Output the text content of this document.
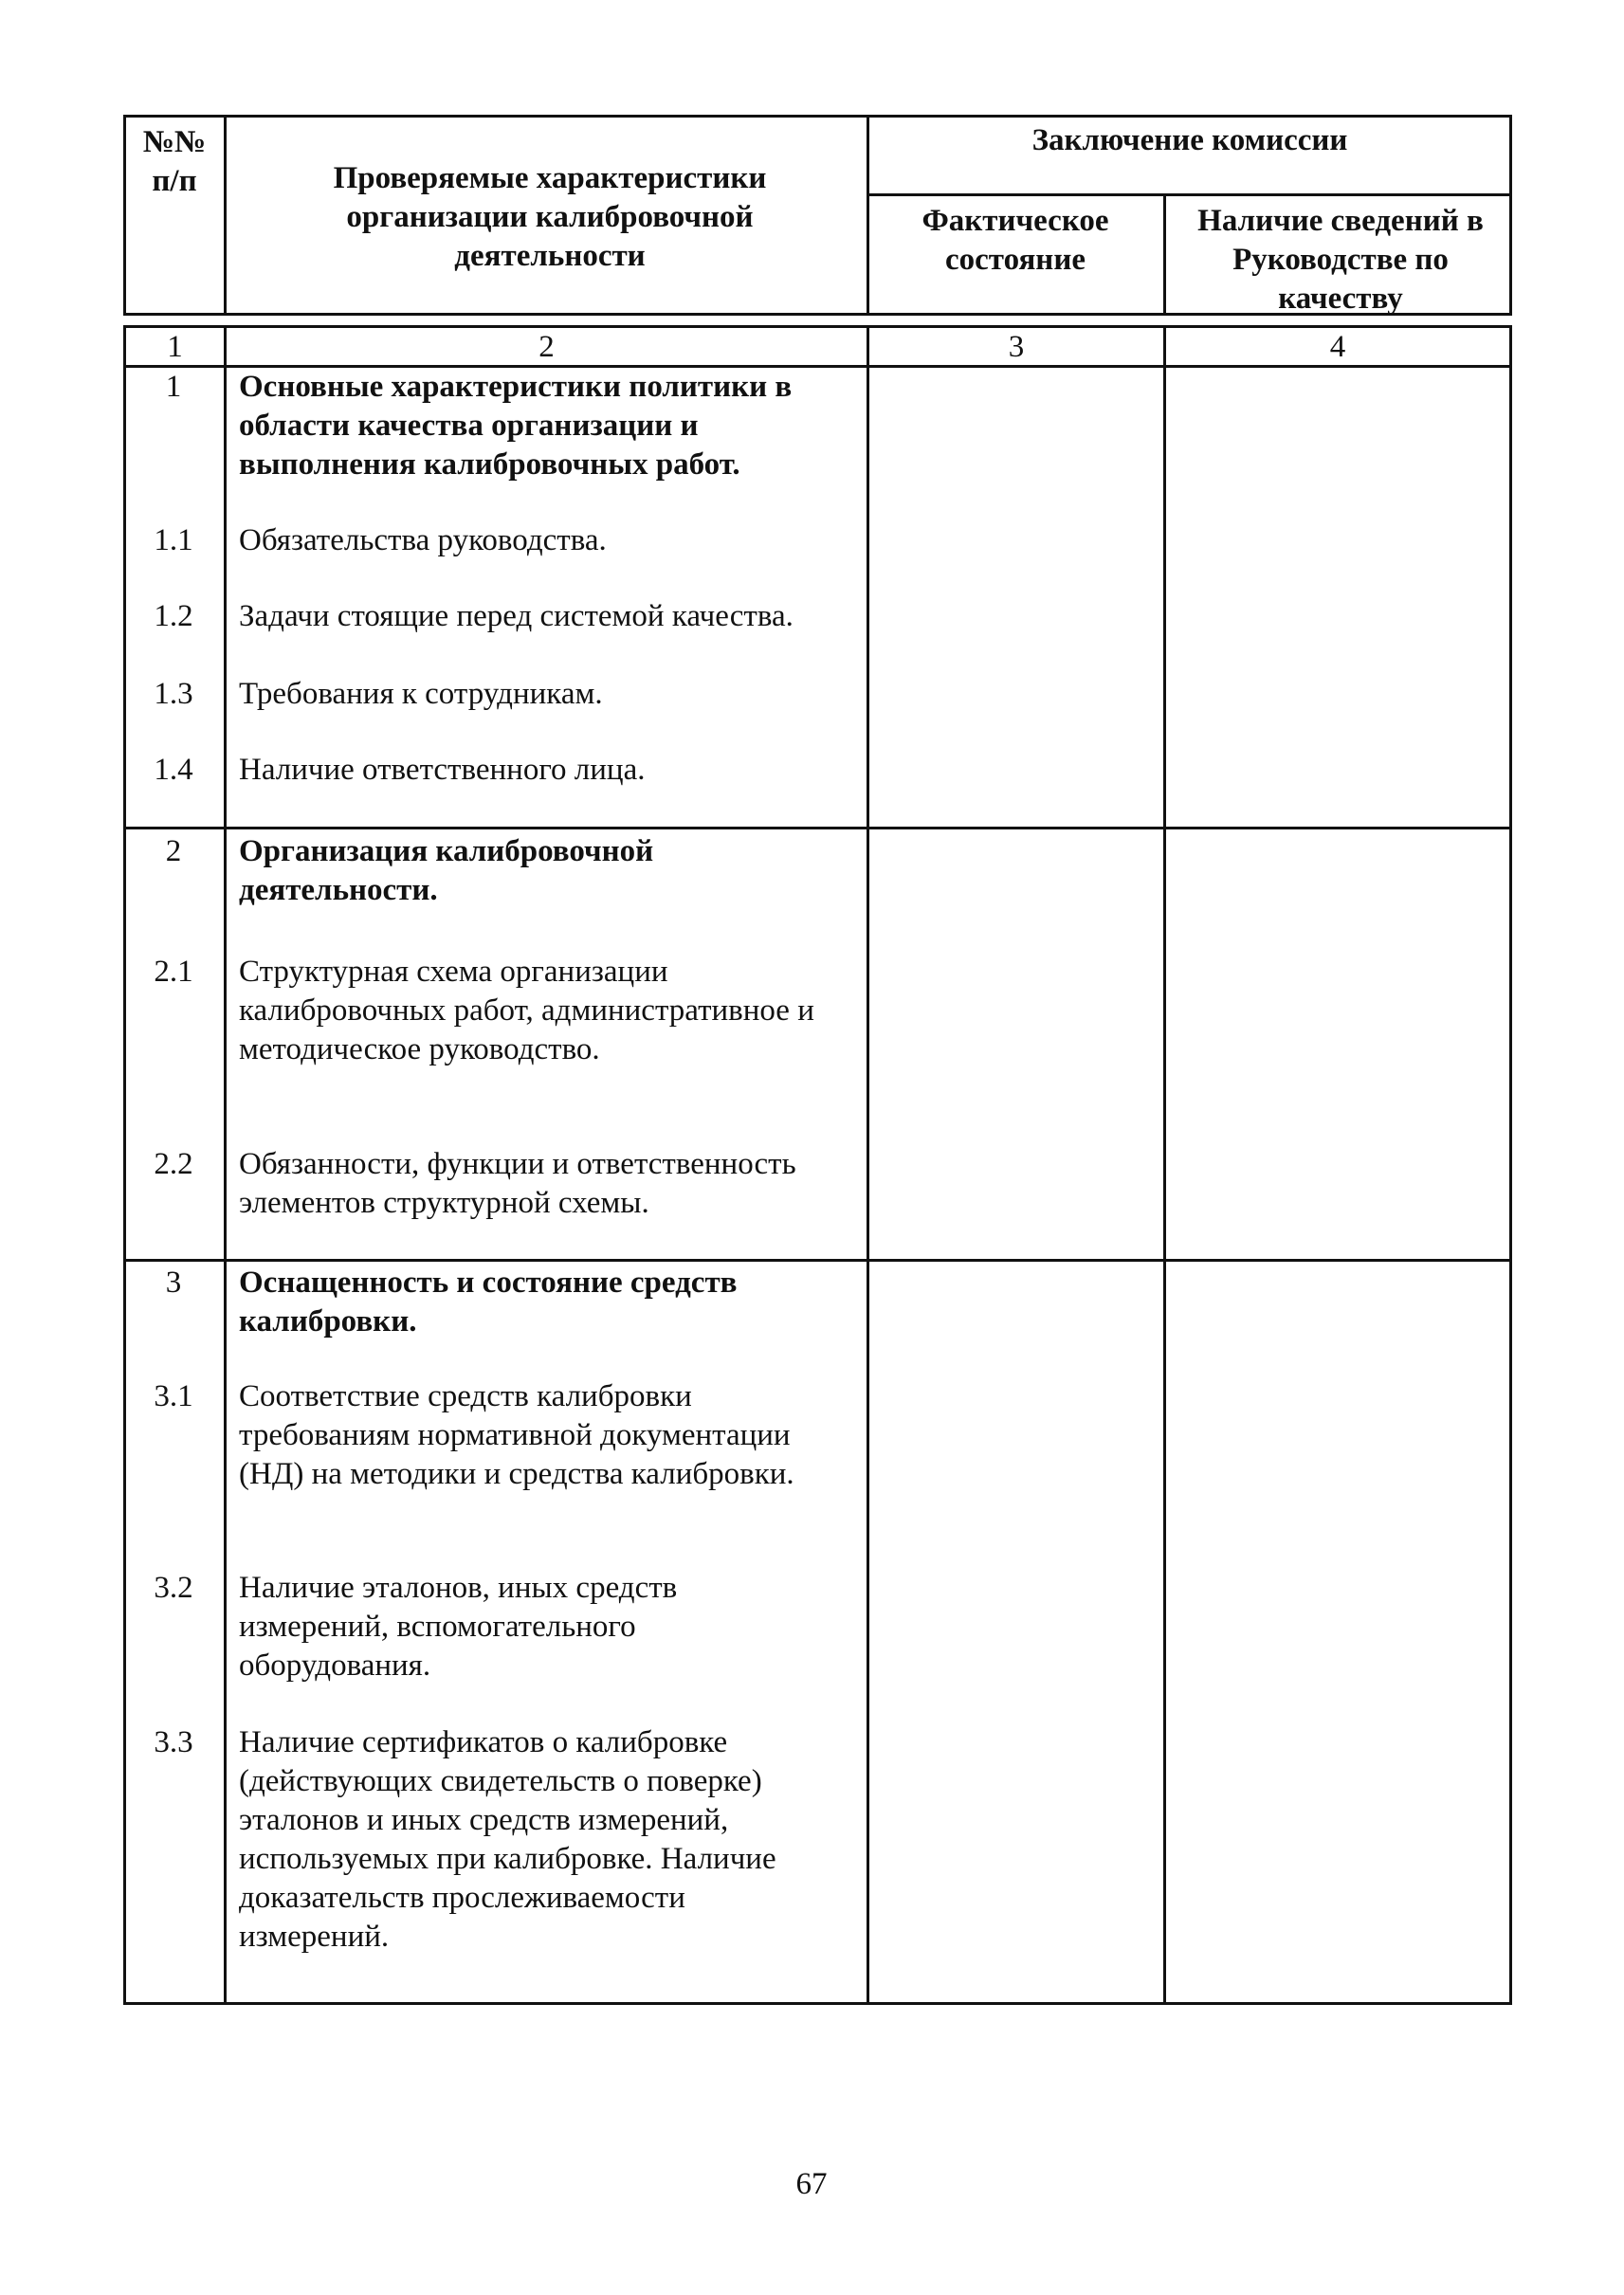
№№ п/п	Проверяемые характеристики организации калибровочной деятельности
Заключение комиссии
Фактическое состояние
Наличие сведений в Руководстве по качеству
1	2	3	4
1	Основные характеристики политики в области качества организации и выполнения калибровочных работ.
1.1	Обязательства руководства.
1.2	Задачи стоящие перед системой качества.
1.3	Требования к сотрудникам.
1.4	Наличие ответственного лица.
2	Организация калибровочной деятельности.
2.1	Структурная схема организации калибровочных работ, административное и методическое руководство.
2.2	Обязанности, функции и ответственность элементов структурной схемы.
3	Оснащенность и состояние средств калибровки.
3.1	Соответствие средств калибровки требованиям нормативной документации (НД) на методики и средства калибровки.
3.2	Наличие эталонов, иных средств измерений, вспомогательного оборудования.
3.3	Наличие сертификатов о калибровке (действующих свидетельств о поверке) эталонов и иных средств измерений, используемых при калибровке. Наличие доказательств прослеживаемости измерений.
67
